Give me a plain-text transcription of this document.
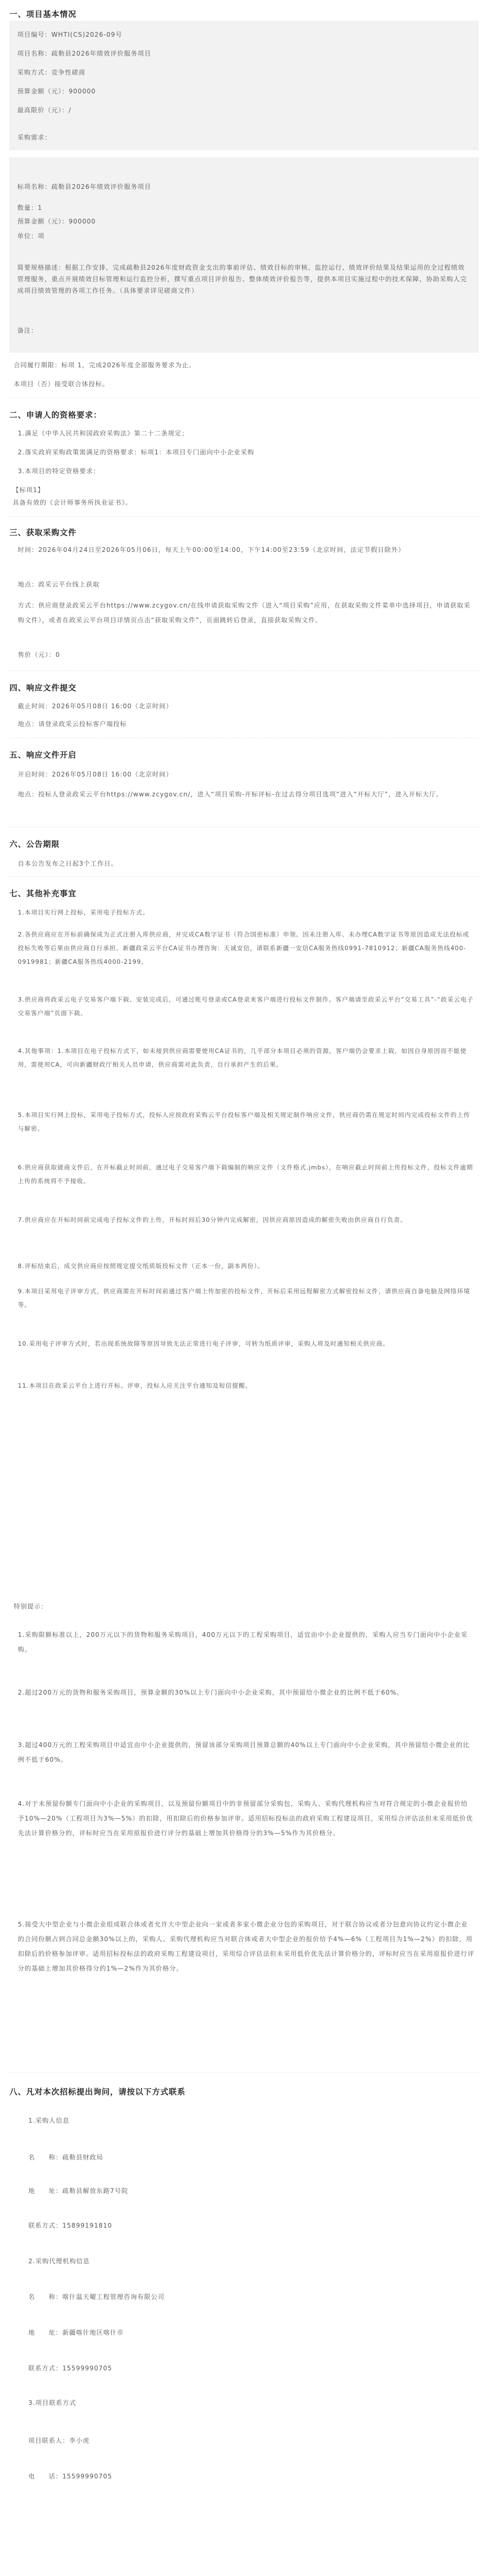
一、项目基本情况
项目编号：WHTI(CS)2026-09号
项目名称：疏勒县2026年绩效评价服务项目
采购方式：竞争性磋商
预算金额（元）：900000
最高限价（元）：/
采购需求：
标项名称：疏勒县2026年绩效评价服务项目
数量：1
预算金额（元）：900000
单位：项
简要规格描述：根据工作安排，完成疏勒县2026年度财政资金支出的事前评估、绩效目标的审核、监控运行、绩效评价结果及结果运用的全过程绩效管理服务，重点开展绩效目标管理和运行监控分析，撰写重点项目评价报告、整体绩效评价报告等，提供本项目实施过程中的技术保障，协助采购人完成项目绩效管理的各项工作任务。（具体要求详见磋商文件）
备注：
合同履行期限：标项 1，完成2026年度全部服务要求为止。
本项目（否）接受联合体投标。
二、申请人的资格要求：
1.满足《中华人民共和国政府采购法》第二十二条规定；
2.落实政府采购政策需满足的资格要求：标项1：本项目专门面向中小企业采购
3.本项目的特定资格要求：
【标项1】
具备有效的《会计师事务所执业证书》。
三、获取采购文件
时间：2026年04月24日至2026年05月06日，每天上午00:00至14:00，下午14:00至23:59（北京时间，法定节假日除外）
地点：政采云平台线上获取
方式：供应商登录政采云平台https://www.zcygov.cn/在线申请获取采购文件（进入“项目采购”应用，在获取采购文件菜单中选择项目，申请获取采购文件），或者在政采云平台项目详情页点击“获取采购文件”，页面跳转后登录，直接获取采购文件。
售价（元）：0
四、响应文件提交
截止时间：2026年05月08日 16:00（北京时间）
地点：请登录政采云投标客户端投标
五、响应文件开启
开启时间：2026年05月08日 16:00（北京时间）
地点：投标人登录政采云平台https://www.zcygov.cn/，进入“项目采购-开标评标-在过去得分项目选项”进入“开标大厅”，进入开标大厅。
六、公告期限
自本公告发布之日起3个工作日。
七、其他补充事宜
1.本项目实行网上投标，采用电子投标方式。
2.各供应商应在开标前确保成为正式注册入库供应商，并完成CA数字证书（符合国密标准）申领。因未注册入库、未办理CA数字证书等原因造成无法投标或投标失败等后果由供应商自行承担。新疆政采云平台CA证书办理咨询：天诚安信，请联系新疆一安信CA服务热线0991-7810912；新疆CA服务热线400-0919981；新疆CA服务热线4000-2199。
3.供应商将政采云电子交易客户端下载、安装完成后，可通过账号登录或CA登录来客户端进行投标文件制作。客户端请至政采云平台“交易工具”-“政采云电子交易客户端”页面下载。
4.其他事项：1.本项目在电子投标方式下，如未接到供应商需要使用CA证书的，几乎部分本项目必须的资源，客户端仍会要求上载，如因自身原因而不能使用，需使用CA，可向新疆财政厅相关人员申请，供应商需对此负责，自行承担产生的后果。
5.本项目实行网上投标，采用电子投标方式，投标人应按政府采购云平台投标客户端及相关规定制作响应文件，供应商仍需在规定时间内完成投标文件的上传与解密。
6.供应商获取磋商文件后，在开标截止时间前，通过电子交易客户端下载编制的响应文件（文件格式.jmbs），在响应截止时间前上传投标文件，投标文件逾期上传的系统将不予接收。
7.供应商应在开标时间前完成电子投标文件的上传，开标时间后30分钟内完成解密，因供应商原因造成的解密失败由供应商自行负责。
8.评标结束后，成交供应商应按照规定提交纸质版投标文件（正本一份，副本两份）。
9.本项目采用电子评审方式，供应商需在开标时间前通过客户端上传加密的投标文件，开标后采用远程解密方式解密投标文件，请供应商自备电脑及网络环境等。
10.采用电子评审方式时，若出现系统故障等原因导致无法正常进行电子评审，可转为纸质评审，采购人将及时通知相关供应商。
11.本项目在政采云平台上进行开标、评审，投标人应关注平台通知及短信提醒。
特别提示：
1.采购限额标准以上，200万元以下的货物和服务采购项目，400万元以下的工程采购项目，适宜由中小企业提供的，采购人应当专门面向中小企业采购。
2.超过200万元的货物和服务采购项目，预算金额的30%以上专门面向中小企业采购，其中预留给小微企业的比例不低于60%。
3.超过400万元的工程采购项目中适宜由中小企业提供的，预留该部分采购项目预算总额的40%以上专门面向中小企业采购，其中预留给小微企业的比例不低于60%。
4.对于未预留份额专门面向中小企业的采购项目，以及预留份额项目中的非预留部分采购包，采购人、采购代理机构应当对符合规定的小微企业报价给予10%—20%（工程项目为3%—5%）的扣除，用扣除后的价格参加评审。适用招标投标法的政府采购工程建设项目，采用综合评估法但未采用低价优先法计算价格分的，评标时应当在采用原报价进行评分的基础上增加其价格得分的3%—5%作为其价格分。
5.接受大中型企业与小微企业组成联合体或者允许大中型企业向一家或者多家小微企业分包的采购项目，对于联合协议或者分包意向协议约定小微企业的合同份额占到合同总金额30%以上的，采购人、采购代理机构应当对联合体或者大中型企业的报价给予4%—6%（工程项目为1%—2%）的扣除，用扣除后的价格参加评审。适用招标投标法的政府采购工程建设项目，采用综合评估法但未采用低价优先法计算价格分的，评标时应当在采用原报价进行评分的基础上增加其价格得分的1%—2%作为其价格分。
八、凡对本次招标提出询问，请按以下方式联系
1.采购人信息
名　　称：疏勒县财政局
地　　址：疏勒县解放东路7号院
联系方式：15899191810
2.采购代理机构信息
名　　称：喀什温天曜工程管理咨询有限公司
地　　址：新疆喀什地区喀什市
联系方式：15599990705
3.项目联系方式
项目联系人：李小虎
电　　话：15599990705
